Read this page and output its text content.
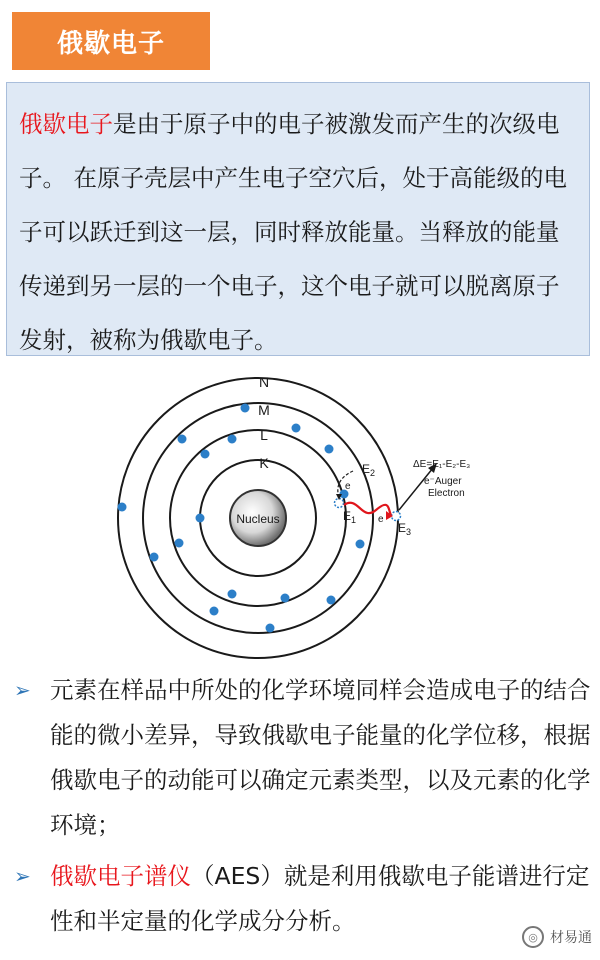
俄歇电子
俄歇电子是由于原子中的电子被激发而产生的次级电子。 在原子壳层中产生电子空穴后，处于高能级的电子可以跃迁到这一层，同时释放能量。当释放的能量传递到另一层的一个电子，这个电子就可以脱离原子发射，被称为俄歇电子。
Nucleus
N
M
L
K	$E_2$
$E_1$
$E_3$
e
e
ΔE=E₁-E₂-E₃
e⁻Auger
Electron
➢ 元素在样品中所处的化学环境同样会造成电子的结合能的微小差异，导致俄歇电子能量的化学位移，根据俄歇电子的动能可以确定元素类型，以及元素的化学环境；
➢ 俄歇电子谱仪（AES）就是利用俄歇电子能谱进行定性和半定量的化学成分分析。
◎ 材易通
